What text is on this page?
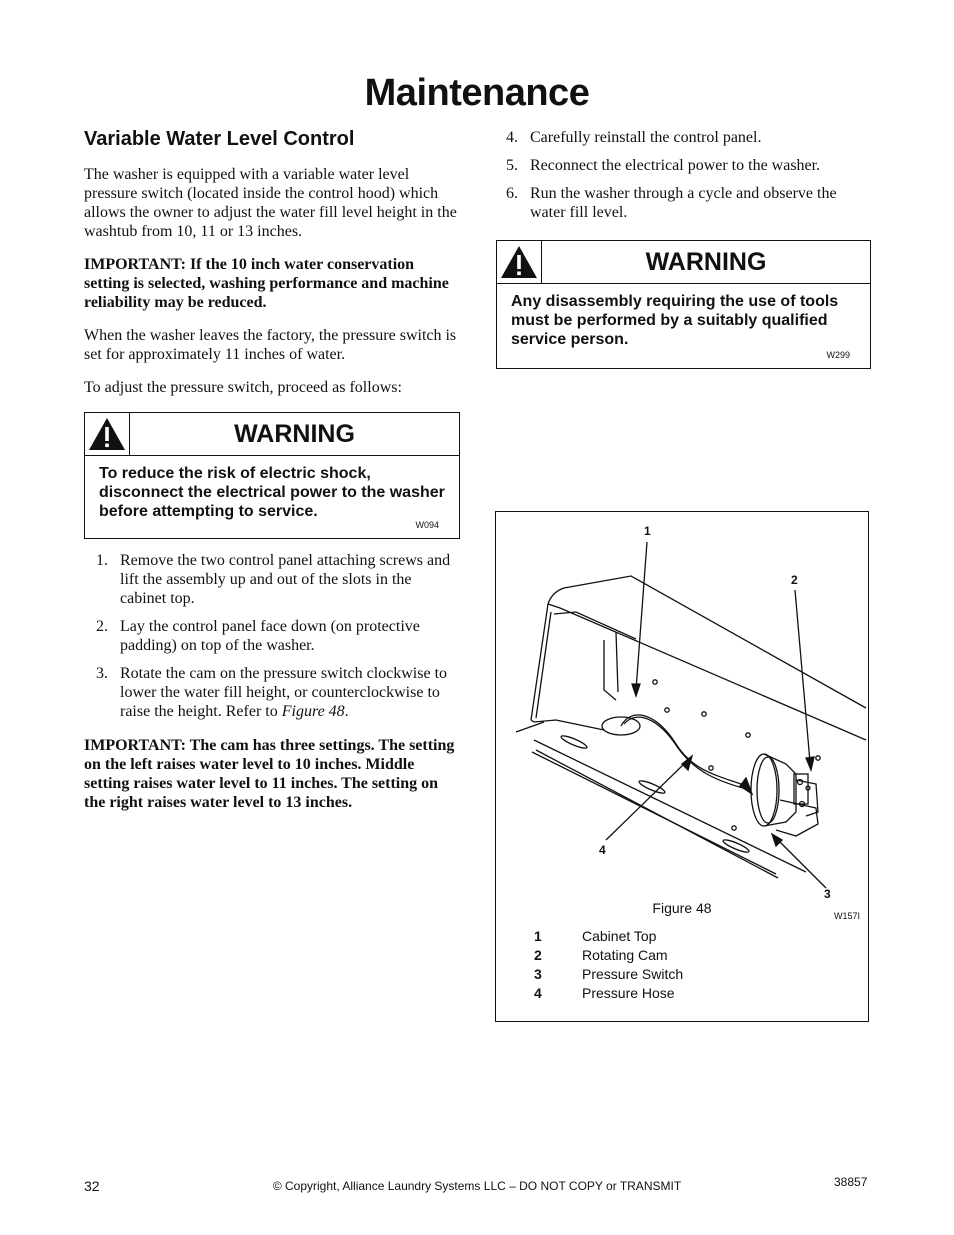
Maintenance
Variable Water Level Control

The washer is equipped with a variable water level pressure switch (located inside the control hood) which allows the owner to adjust the water fill level height in the washtub from 10, 11 or 13 inches.

IMPORTANT: If the 10 inch water conservation setting is selected, washing performance and machine reliability may be reduced.

When the washer leaves the factory, the pressure switch is set for approximately 11 inches of water.

To adjust the pressure switch, proceed as follows:

WARNING
To reduce the risk of electric shock, disconnect the electrical power to the washer before attempting to service.
W094
1. Remove the two control panel attaching screws and lift the assembly up and out of the slots in the cabinet top.
2. Lay the control panel face down (on protective padding) on top of the washer.
3. Rotate the cam on the pressure switch clockwise to lower the water fill height, or counterclockwise to raise the height. Refer to Figure 48.

IMPORTANT: The cam has three settings. The setting on the left raises water level to 10 inches. Middle setting raises water level to 11 inches. The setting on the right raises water level to 13 inches.

4. Carefully reinstall the control panel.
5. Reconnect the electrical power to the washer.
6. Run the washer through a cycle and observe the water fill level.
WARNING
Any disassembly requiring the use of tools must be performed by a suitably qualified service person.
W299
1
2
3
4
W157I
1	Cabinet Top
2	Rotating Cam
3	Pressure Switch
4	Pressure Hose
Figure 48
32	© Copyright, Alliance Laundry Systems LLC – DO NOT COPY or TRANSMIT	38857
